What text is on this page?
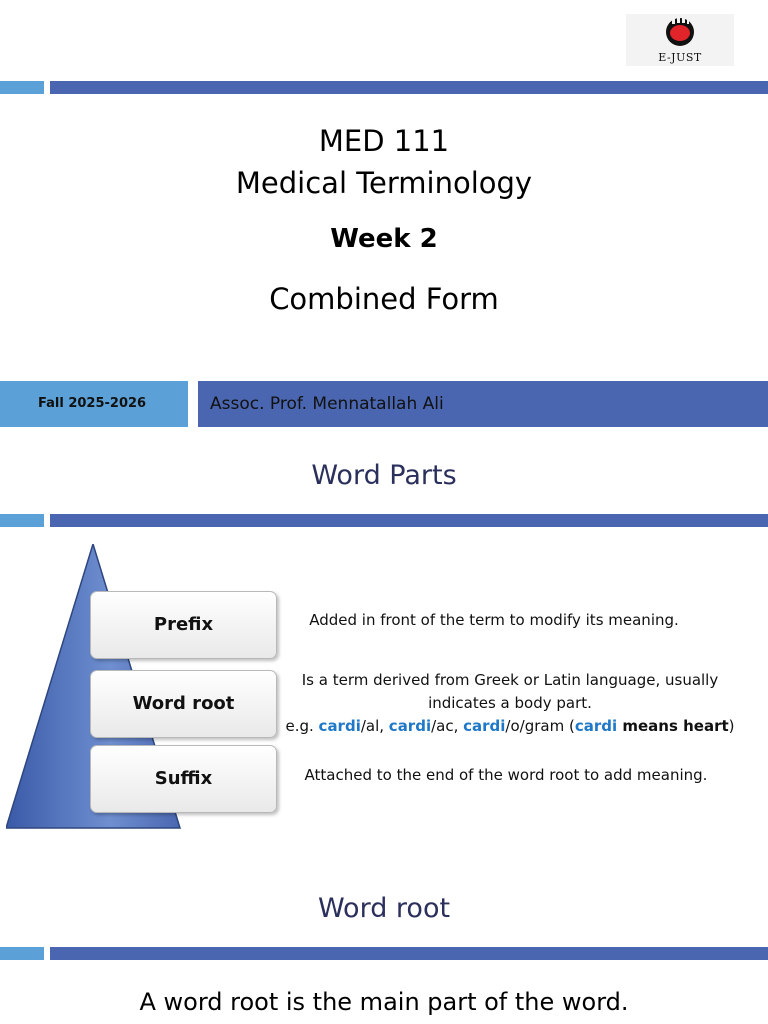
E-JUST
MED 111
Medical Terminology
Week 2
Combined Form
Fall 2025-2026	Assoc. Prof. Mennatallah Ali
Word Parts
Prefix
Word root
Suffix
Added in front of the term to modify its meaning.
Is a term derived from Greek or Latin language, usually
indicates a body part.
e.g. cardi/al, cardi/ac, cardi/o/gram (cardi means heart)
Attached to the end of the word root to add meaning.
Word root
A word root is the main part of the word.
